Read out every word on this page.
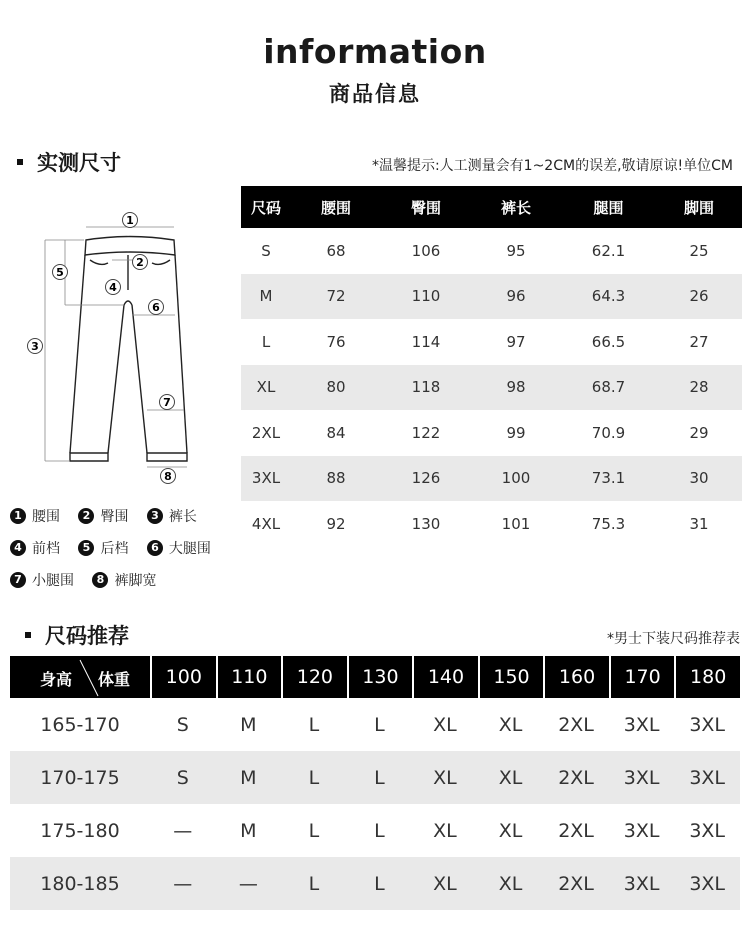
information
商品信息
实测尺寸	*温馨提示:人工测量会有1~2CM的误差,敬请原谅!单位CM
1
2
3
4
5
6
7
8
1 腰围 2 臀围 3 裤长
4 前档 5 后档 6 大腿围
7 小腿围 8 裤脚宽
尺码	腰围	臀围	裤长	腿围	脚围
S	68	106	95	62.1	25
M	72	110	96	64.3	26
L	76	114	97	66.5	27
XL	80	118	98	68.7	28
2XL	84	122	99	70.9	29
3XL	88	126	100	73.1	30
4XL	92	130	101	75.3	31
尺码推荐	*男士下装尺码推荐表
身高 体重	100	110	120	130	140	150	160	170	180
165-170	S	M	L	L	XL	XL	2XL	3XL	3XL
170-175	S	M	L	L	XL	XL	2XL	3XL	3XL
175-180	—	M	L	L	XL	XL	2XL	3XL	3XL
180-185	—	—	L	L	XL	XL	2XL	3XL	3XL
